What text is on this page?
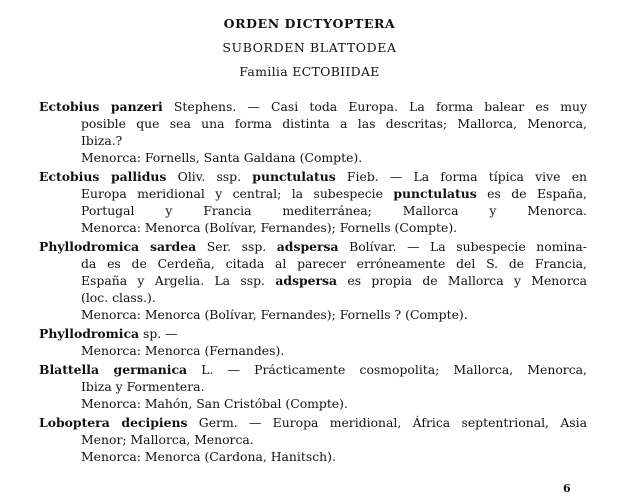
ORDEN DICTYOPTERA
SUBORDEN BLATTODEA
Familia ECTOBIIDAE
Ectobius panzeri Stephens. — Casi toda Europa. La forma balear es muy
posible que sea una forma distinta a las descritas; Mallorca, Menorca,
Ibiza.?
Menorca: Fornells, Santa Galdana (Compte).
Ectobius pallidus Oliv. ssp. punctulatus Fieb. — La forma típica vive en
Europa meridional y central; la subespecie punctulatus es de España,
Portugal y Francia mediterránea; Mallorca y Menorca.
Menorca: Menorca (Bolívar, Fernandes); Fornells (Compte).
Phyllodromica sardea Ser. ssp. adspersa Bolívar. — La subespecie nomina-
da es de Cerdeña, citada al parecer erróneamente del S. de Francia,
España y Argelia. La ssp. adspersa es propia de Mallorca y Menorca
(loc. class.).
Menorca: Menorca (Bolívar, Fernandes); Fornells ? (Compte).
Phyllodromica sp. —
Menorca: Menorca (Fernandes).
Blattella germanica L. — Prácticamente cosmopolita; Mallorca, Menorca,
Ibiza y Formentera.
Menorca: Mahón, San Cristóbal (Compte).
Loboptera decipiens Germ. — Europa meridional, África septentrional, Asia
Menor; Mallorca, Menorca.
Menorca: Menorca (Cardona, Hanitsch).
6
